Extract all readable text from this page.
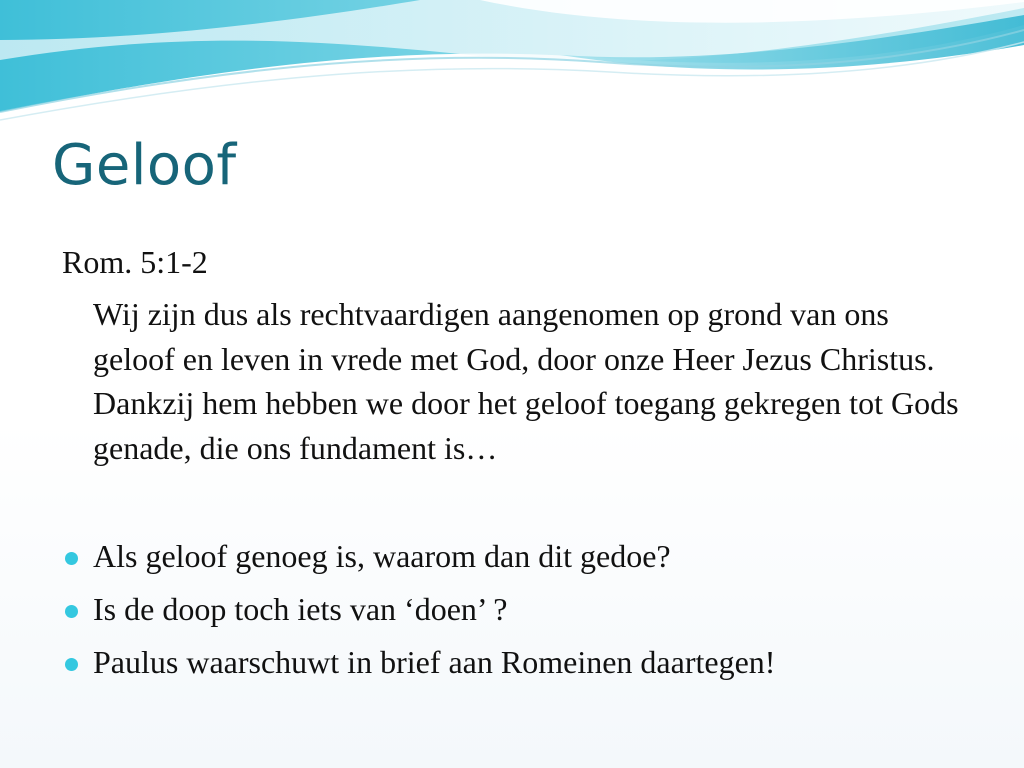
Geloof

Rom. 5:1-2

Wij zijn dus als rechtvaardigen aangenomen op grond van ons geloof en leven in vrede met God, door onze Heer Jezus Christus. Dankzij hem hebben we door het geloof toegang gekregen tot Gods genade, die ons fundament is…

Als geloof genoeg is, waarom dan dit gedoe?
Is de doop toch iets van ‘doen’ ?
Paulus waarschuwt in brief aan Romeinen daartegen!
